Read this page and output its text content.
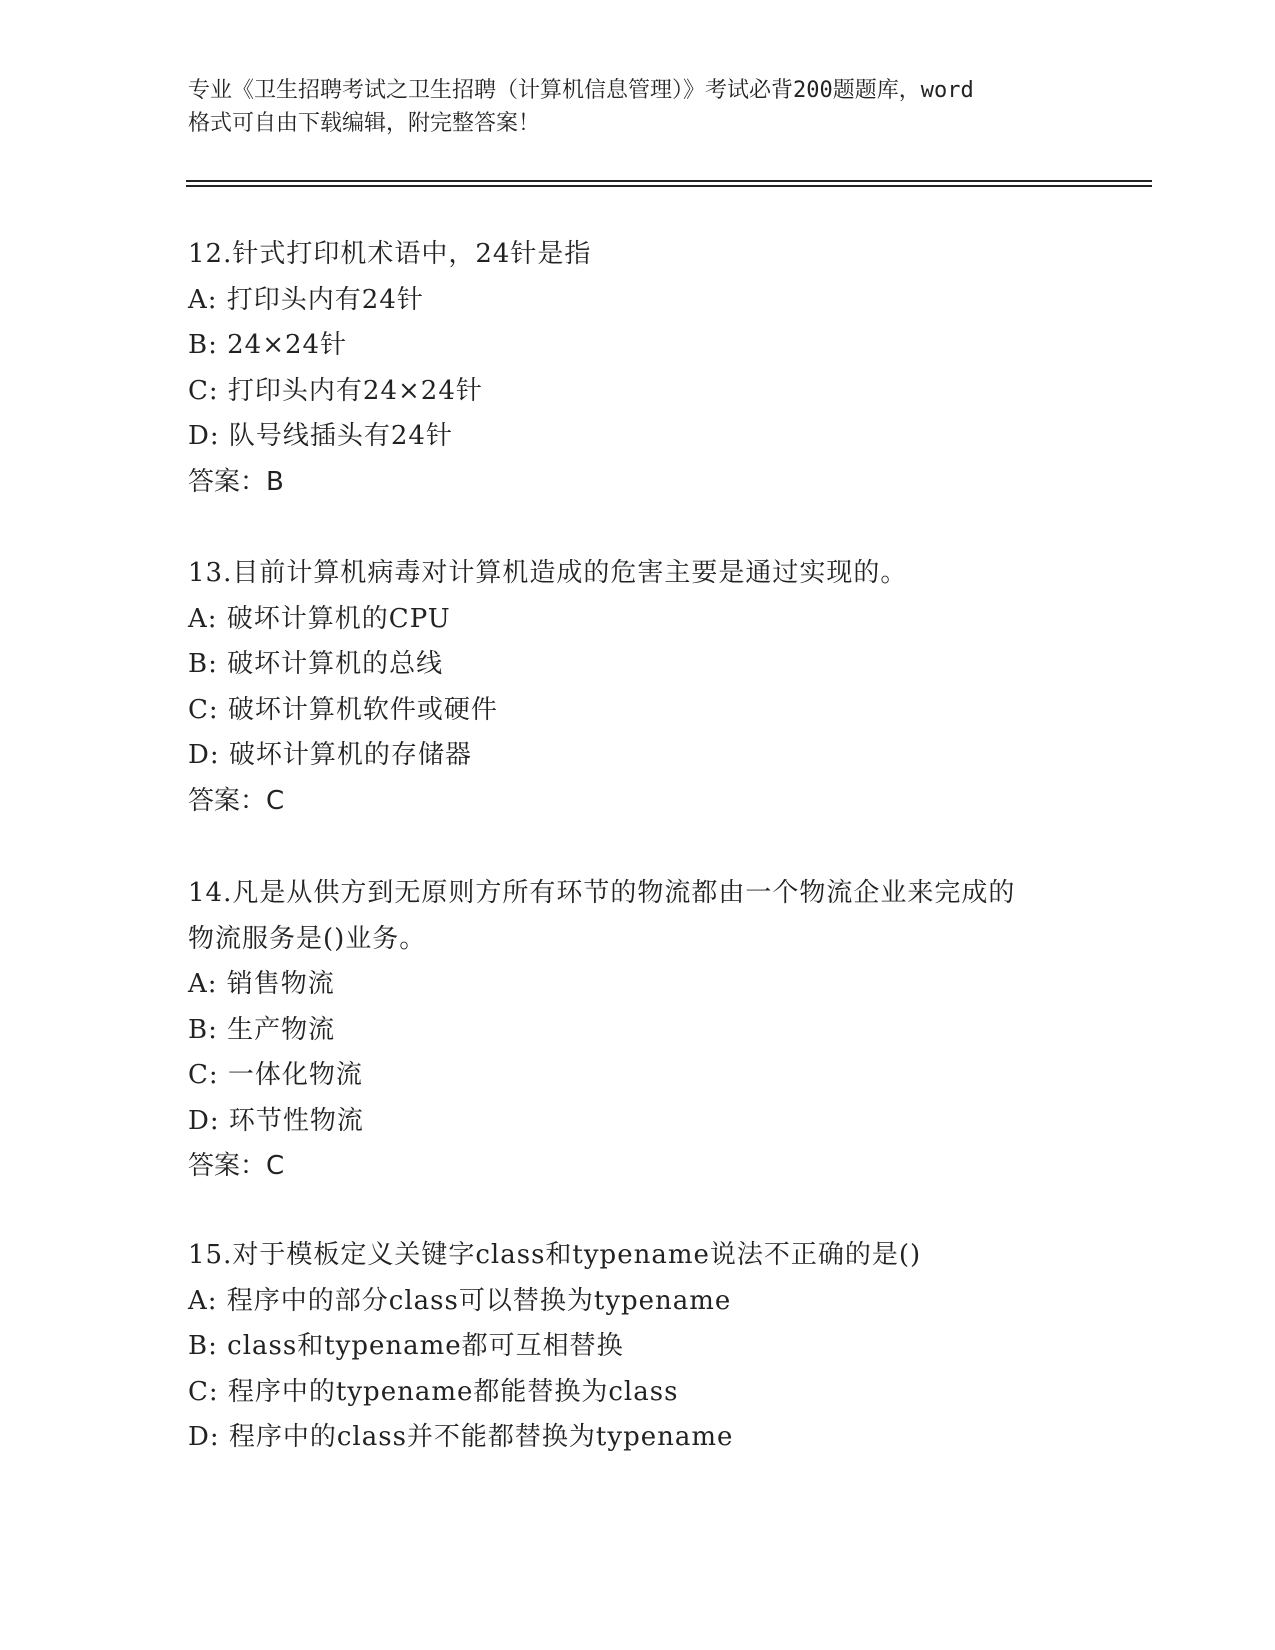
专业《卫生招聘考试之卫生招聘（计算机信息管理）》考试必背200题题库，word
格式可自由下载编辑，附完整答案！
12.针式打印机术语中，24针是指
A: 打印头内有24针
B: 24×24针
C: 打印头内有24×24针
D: 队号线插头有24针
答案：B
13.目前计算机病毒对计算机造成的危害主要是通过实现的。
A: 破坏计算机的CPU
B: 破坏计算机的总线
C: 破坏计算机软件或硬件
D: 破坏计算机的存储器
答案：C
14.凡是从供方到无原则方所有环节的物流都由一个物流企业来完成的
物流服务是()业务。
A: 销售物流
B: 生产物流
C: 一体化物流
D: 环节性物流
答案：C
15.对于模板定义关键字class和typename说法不正确的是()
A: 程序中的部分class可以替换为typename
B: class和typename都可互相替换
C: 程序中的typename都能替换为class
D: 程序中的class并不能都替换为typename
